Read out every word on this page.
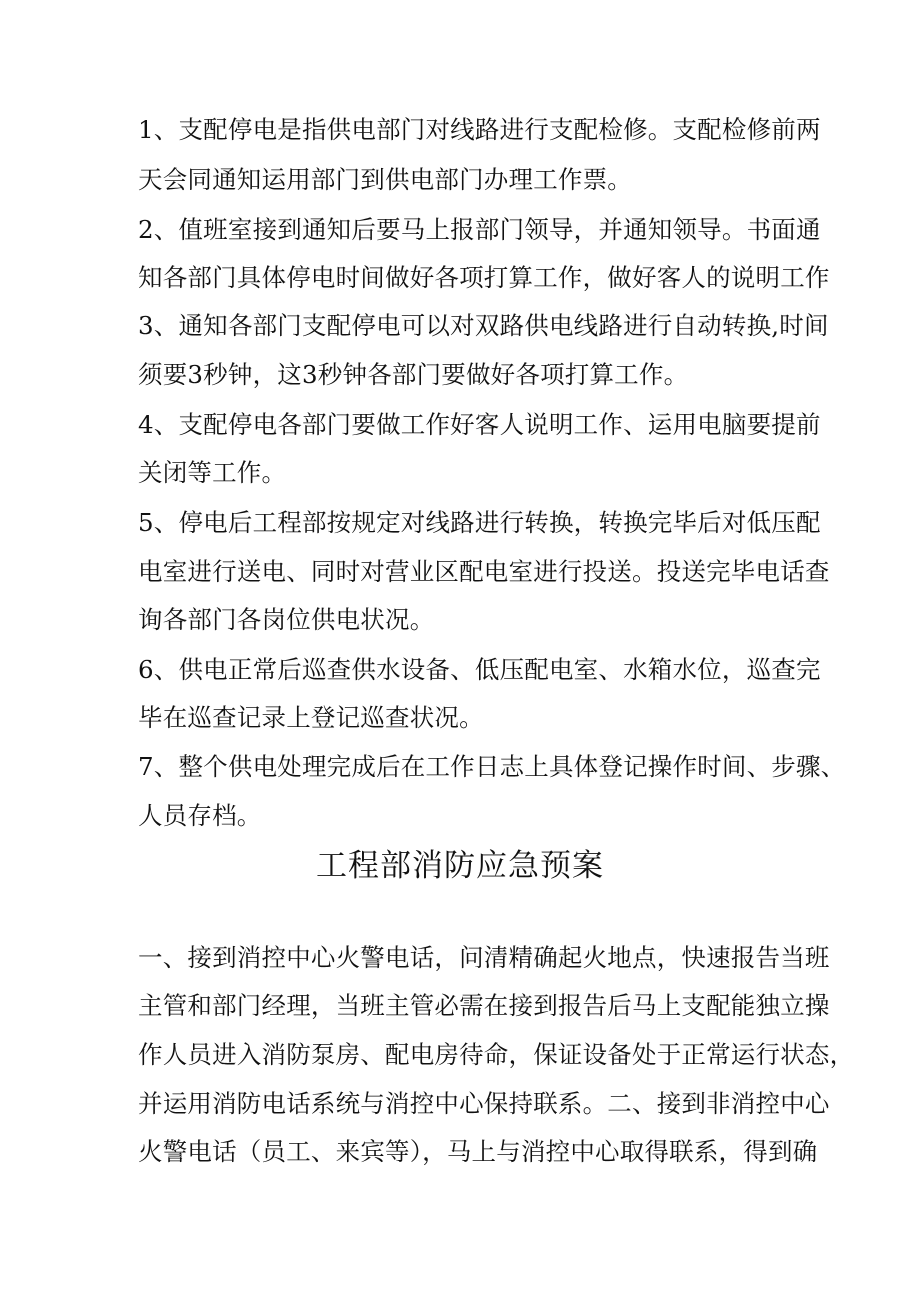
1、支配停电是指供电部门对线路进行支配检修。支配检修前两
天会同通知运用部门到供电部门办理工作票。
2、值班室接到通知后要马上报部门领导，并通知领导。书面通
知各部门具体停电时间做好各项打算工作，做好客人的说明工作
3、通知各部门支配停电可以对双路供电线路进行自动转换,时间
须要3秒钟，这3秒钟各部门要做好各项打算工作。
4、支配停电各部门要做工作好客人说明工作、运用电脑要提前
关闭等工作。
5、停电后工程部按规定对线路进行转换，转换完毕后对低压配
电室进行送电、同时对营业区配电室进行投送。投送完毕电话查
询各部门各岗位供电状况。
6、供电正常后巡查供水设备、低压配电室、水箱水位，巡查完
毕在巡查记录上登记巡查状况。
7、整个供电处理完成后在工作日志上具体登记操作时间、步骤、
人员存档。
工程部消防应急预案
一、接到消控中心火警电话，问清精确起火地点，快速报告当班
主管和部门经理，当班主管必需在接到报告后马上支配能独立操
作人员进入消防泵房、配电房待命，保证设备处于正常运行状态，
并运用消防电话系统与消控中心保持联系。二、接到非消控中心
火警电话（员工、来宾等），马上与消控中心取得联系，得到确
